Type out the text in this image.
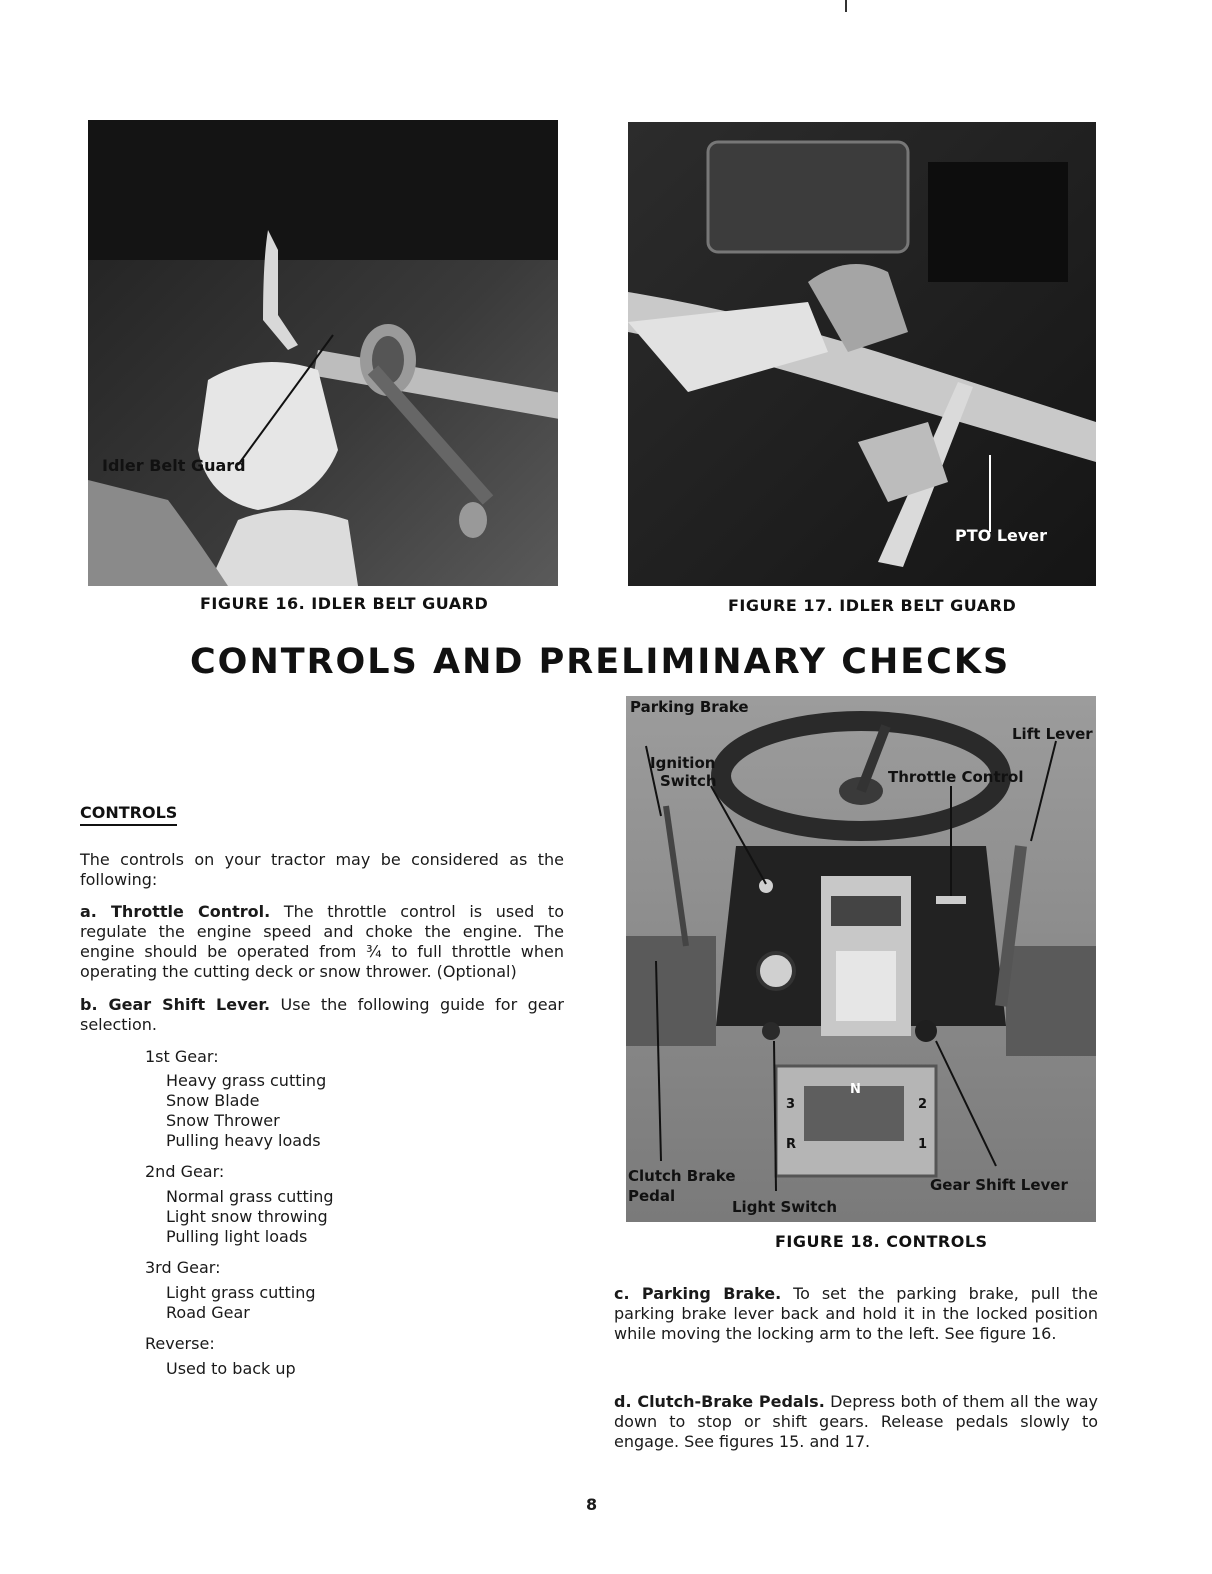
Idler Belt Guard
FIGURE 16. IDLER BELT GUARD
PTO Lever
FIGURE 17. IDLER BELT GUARD
CONTROLS AND PRELIMINARY CHECKS
CONTROLS
The controls on your tractor may be considered as the following:
a. Throttle Control. The throttle control is used to regulate the engine speed and choke the engine. The engine should be operated from ¾ to full throttle when operating the cutting deck or snow thrower. (Optional)
b. Gear Shift Lever. Use the following guide for gear selection.
1st Gear:
Heavy grass cutting
Snow Blade
Snow Thrower
Pulling heavy loads
2nd Gear:
Normal grass cutting
Light snow throwing
Pulling light loads
3rd Gear:
Light grass cutting
Road Gear
Reverse:
Used to back up
N
3	2
R	1
Parking Brake
Ignition
Switch	Throttle Control
Lift Lever
Clutch Brake
Pedal
Light Switch
Gear Shift Lever
FIGURE 18. CONTROLS
c. Parking Brake. To set the parking brake, pull the parking brake lever back and hold it in the locked position while moving the locking arm to the left. See figure 16.
d. Clutch-Brake Pedals. Depress both of them all the way down to stop or shift gears. Release pedals slowly to engage. See figures 15. and 17.
8
